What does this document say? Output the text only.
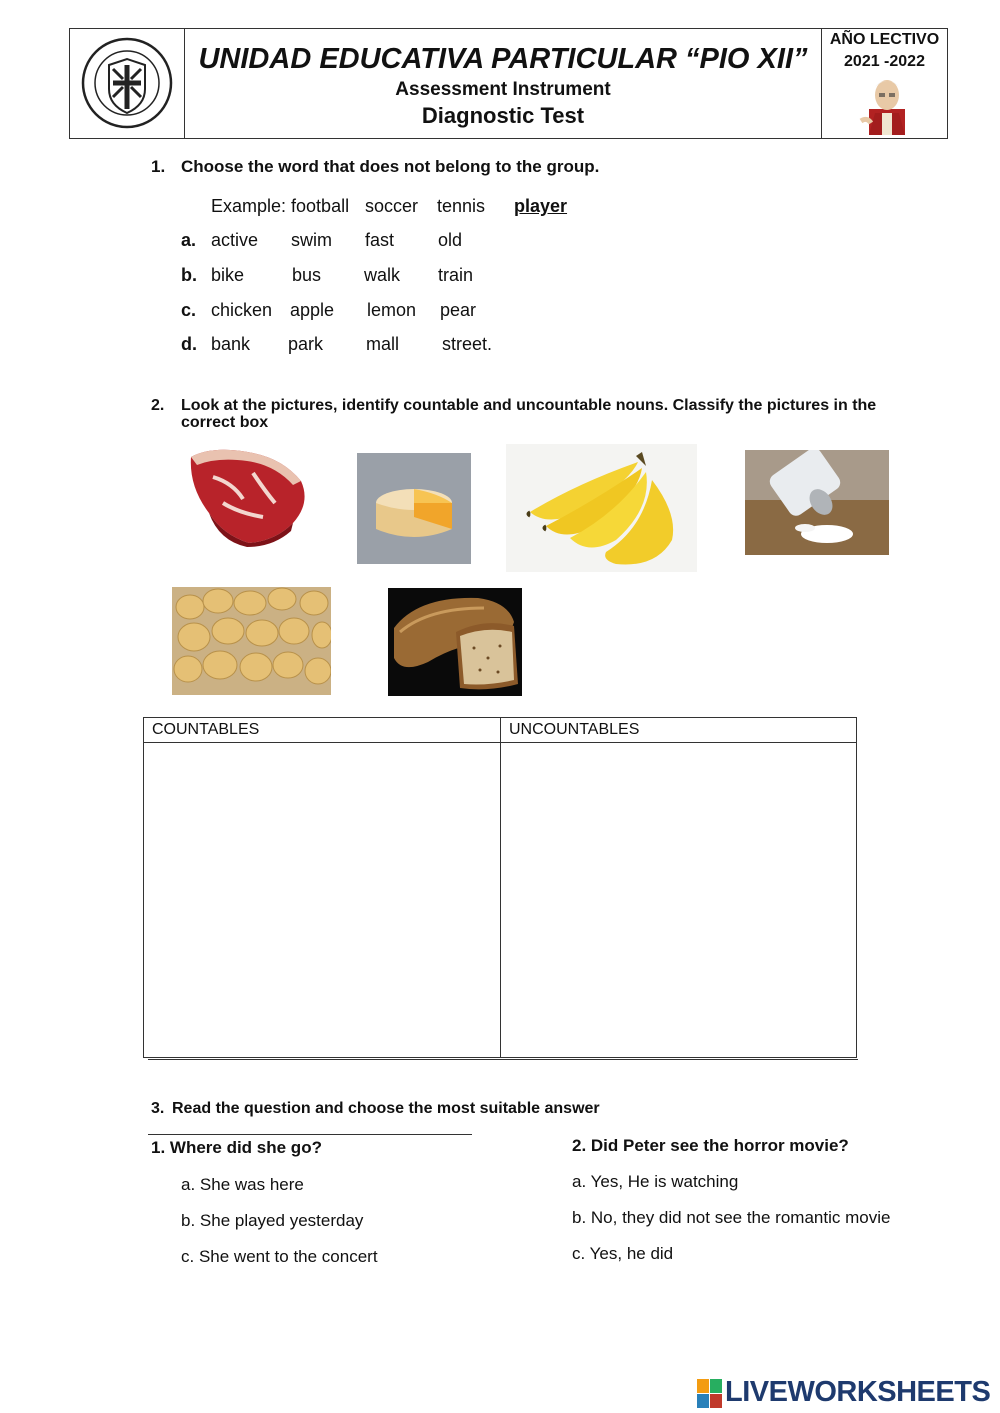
UNIDAD EDUCATIVA PARTICULAR “PIO XII”
Assessment Instrument
Diagnostic Test
AÑO LECTIVO
2021 -2022
1. Choose the word that does not belong to the group.
Example: football soccer tennis player
a. active swim fast old
b. bike	bus walk train
c. chicken apple lemon pear
d. bank park mall street.
2. Look at the pictures, identify countable and uncountable nouns. Classify the pictures in the
correct box
COUNTABLES	UNCOUNTABLES
3. Read the question and choose the most suitable answer
1. Where did she go?
a. She was here
b. She played yesterday
c. She went to the concert
2. Did Peter see the horror movie?
a. Yes, He is watching
b. No, they did not see the romantic movie
c. Yes, he did
LIVEWORKSHEETS
